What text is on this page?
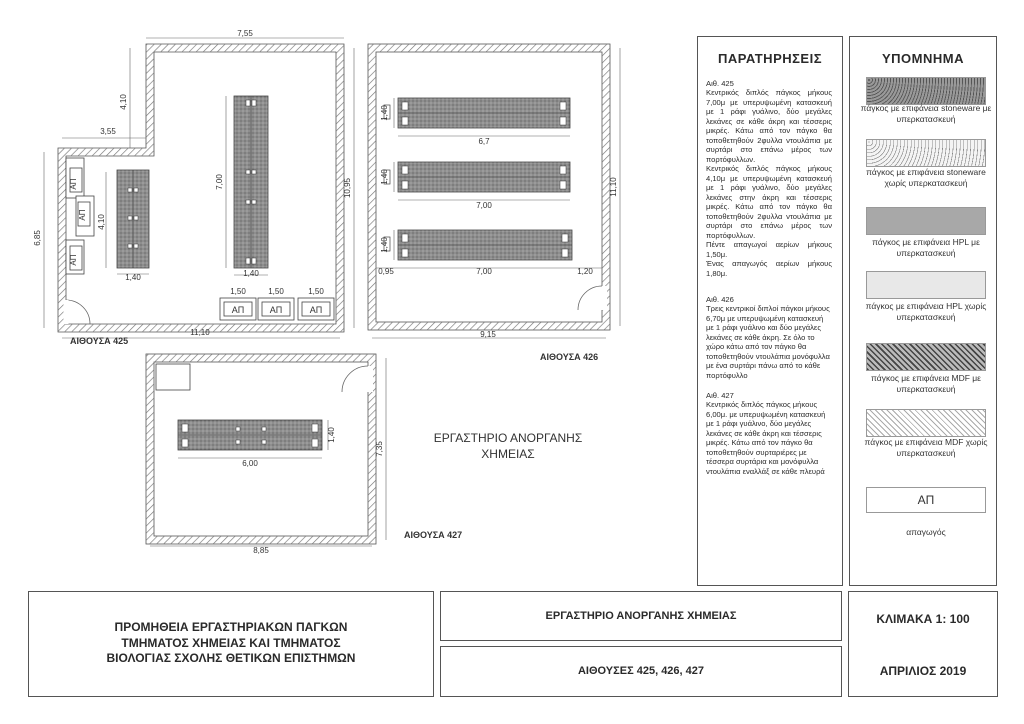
7,55
4,10
3,55
6,85
10,95
11,10
4,10
1,40
7,00
1,40
ΑΠ
ΑΠ
ΑΠ
ΑΠ	ΑΠ	ΑΠ
1,50	1,50	1,50
ΑΙΘΟΥΣΑ 425
1,40
1,40
1,40
6,7
7,00
7,00
0,95	1,20
11,10
9,15
ΑΙΘΟΥΣΑ 426
6,00
1,40
7,35
8,85
ΑΙΘΟΥΣΑ 427
ΕΡΓΑΣΤΗΡΙΟ ΑΝΟΡΓΑΝΗΣ ΧΗΜΕΙΑΣ
ΠΑΡΑΤΗΡΗΣΕΙΣ
Αιθ. 425
Κεντρικός διπλός πάγκος μήκους 7,00μ με υπερυψωμένη κατασκευή με 1 ράφι γυάλινο, δύο μεγάλες λεκάνες σε κάθε άκρη και τέσσερις μικρές. Κάτω από τον πάγκο θα τοποθετηθούν 2φυλλα ντουλάπια με συρτάρι στο επάνω μέρος των πορτόφυλλων.
Κεντρικός διπλός πάγκος μήκους 4,10μ με υπερυψωμένη κατασκευή με 1 ράφι γυάλινο, δύο μεγάλες λεκάνες στην άκρη και τέσσερις μικρές. Κάτω από τον πάγκο θα τοποθετηθούν 2φυλλα ντουλάπια με συρτάρι στο επάνω μέρος των πορτόφυλλων.
Πέντε απαγωγοί αερίων μήκους 1,50μ.
Ένας απαγωγός αερίων μήκους 1,80μ.
Αιθ. 426
Τρεις κεντρικοί διπλοί πάγκοι μήκους 6,70μ με υπερυψωμένη κατασκευή με 1 ράφι γυάλινο και δύο μεγάλες λεκάνες σε κάθε άκρη. Σε όλο το χώρο κάτω από τον πάγκο θα τοποθετηθούν ντουλάπια μονόφυλλα με ένα συρτάρι πάνω από το κάθε πορτόφυλλο
Αιθ. 427
Κεντρικός διπλός πάγκος μήκους 6,00μ. με υπερυψωμένη κατασκευή με 1 ράφι γυάλινο, δύο μεγάλες λεκάνες σε κάθε άκρη και τέσσερις μικρές. Κάτω από τον πάγκο θα τοποθετηθούν συρταριέρες με τέσσερα συρτάρια και μονόφυλλα ντουλάπια εναλλάξ σε κάθε πλευρά
ΥΠΟΜΝΗΜΑ
πάγκος με επιφάνεια stoneware με υπερκατασκευή
πάγκος με επιφάνεια stoneware χωρίς υπερκατασκευή
πάγκος με επιφάνεια HPL με υπερκατασκευή
πάγκος με επιφάνεια HPL χωρίς υπερκατασκευή
πάγκος με επιφάνεια MDF με υπερκατασκευή
πάγκος με επιφάνεια MDF χωρίς υπερκατασκευή
ΑΠ
απαγωγός
ΠΡΟΜΗΘΕΙΑ ΕΡΓΑΣΤΗΡΙΑΚΩΝ ΠΑΓΚΩΝ ΤΜΗΜΑΤΟΣ ΧΗΜΕΙΑΣ ΚΑΙ ΤΜΗΜΑΤΟΣ ΒΙΟΛΟΓΙΑΣ ΣΧΟΛΗΣ ΘΕΤΙΚΩΝ ΕΠΙΣΤΗΜΩΝ
ΕΡΓΑΣΤΗΡΙΟ ΑΝΟΡΓΑΝΗΣ ΧΗΜΕΙΑΣ
ΑΙΘΟΥΣΕΣ 425, 426, 427
ΚΛΙΜΑΚΑ 1: 100
ΑΠΡΙΛΙΟΣ 2019
